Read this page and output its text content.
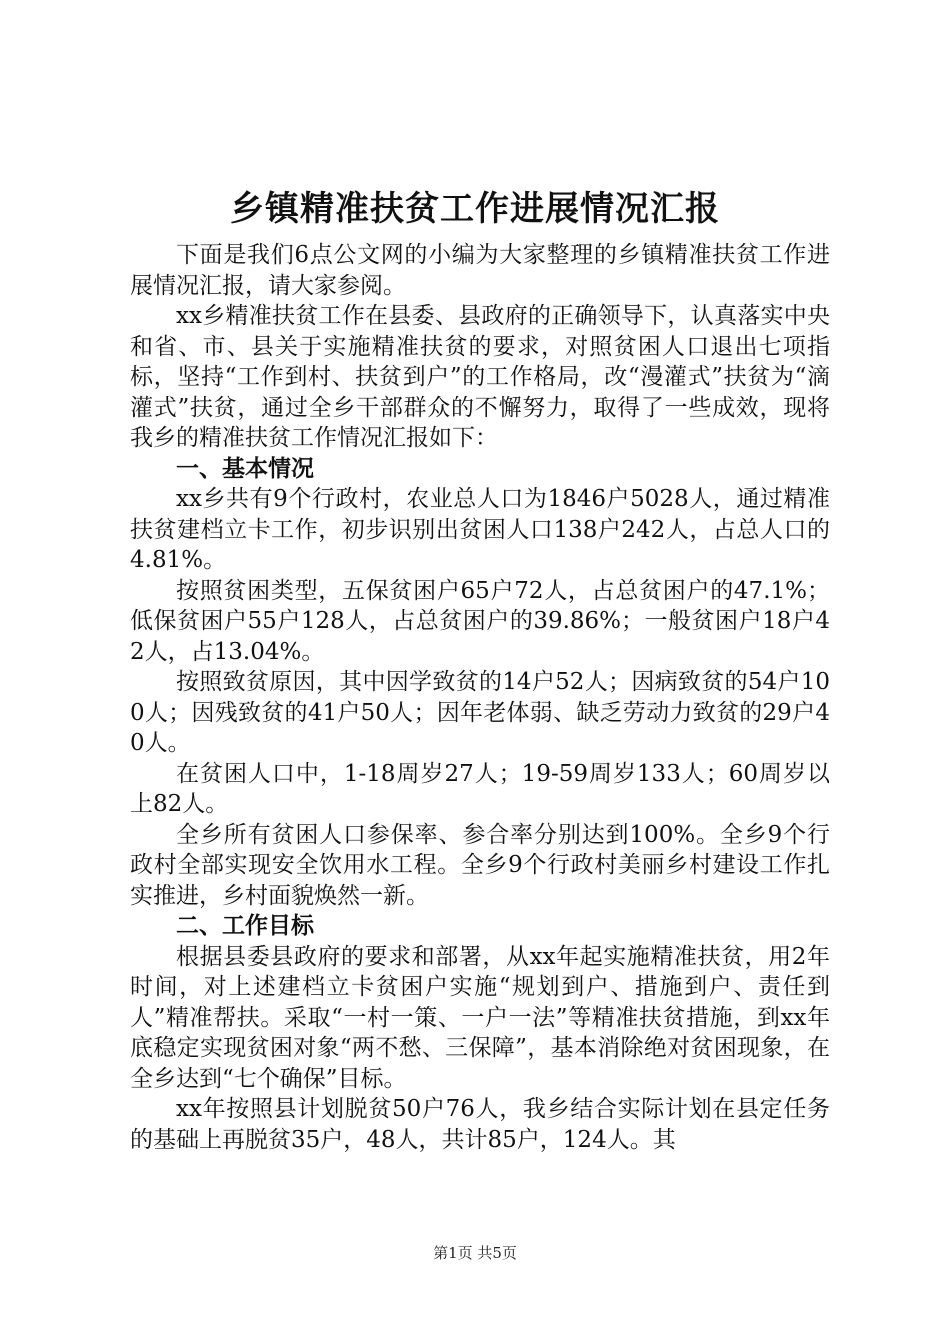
乡镇精准扶贫工作进展情况汇报

下面是我们6点公文网的小编为大家整理的乡镇精准扶贫工作进展情况汇报，请大家参阅。

xx乡精准扶贫工作在县委、县政府的正确领导下，认真落实中央和省、市、县关于实施精准扶贫的要求，对照贫困人口退出七项指标，坚持“工作到村、扶贫到户”的工作格局，改“漫灌式”扶贫为“滴灌式”扶贫，通过全乡干部群众的不懈努力，取得了一些成效，现将我乡的精准扶贫工作情况汇报如下：

一、基本情况

xx乡共有9个行政村，农业总人口为1846户5028人，通过精准扶贫建档立卡工作，初步识别出贫困人口138户242人，占总人口的4.81%。

按照贫困类型，五保贫困户65户72人，占总贫困户的47.1%；低保贫困户55户128人，占总贫困户的39.86%；一般贫困户18户42人，占13.04%。

按照致贫原因，其中因学致贫的14户52人；因病致贫的54户100人；因残致贫的41户50人；因年老体弱、缺乏劳动力致贫的29户40人。

在贫困人口中，1-18周岁27人；19-59周岁133人；60周岁以上82人。

全乡所有贫困人口参保率、参合率分别达到100%。全乡9个行政村全部实现安全饮用水工程。全乡9个行政村美丽乡村建设工作扎实推进，乡村面貌焕然一新。

二、工作目标

根据县委县政府的要求和部署，从xx年起实施精准扶贫，用2年时间，对上述建档立卡贫困户实施“规划到户、措施到户、责任到人”精准帮扶。采取“一村一策、一户一法”等精准扶贫措施，到xx年底稳定实现贫困对象“两不愁、三保障”，基本消除绝对贫困现象，在全乡达到“七个确保”目标。

xx年按照县计划脱贫50户76人，我乡结合实际计划在县定任务的基础上再脱贫35户，48人，共计85户，124人。其

第1页 共5页
